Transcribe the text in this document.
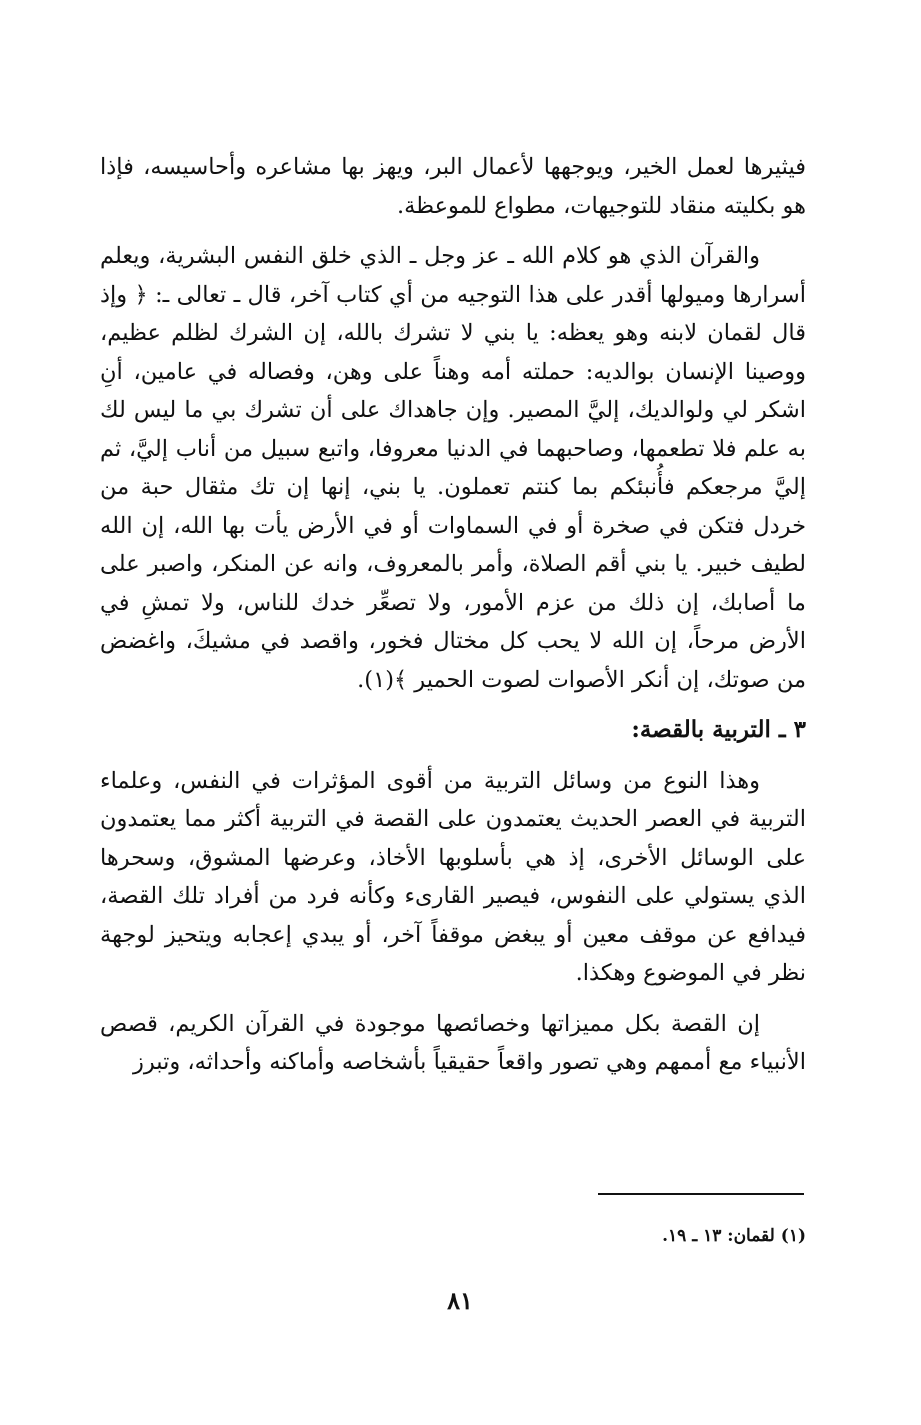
فيثيرها لعمل الخير، ويوجهها لأعمال البر، ويهز بها مشاعره وأحاسيسه، فإذا هو بكليته منقاد للتوجيهات، مطواع للموعظة.

والقرآن الذي هو كلام الله ـ عز وجل ـ الذي خلق النفس البشرية، ويعلم أسرارها وميولها أقدر على هذا التوجيه من أي كتاب آخر، قال ـ تعالى ـ: ﴿ وإذ قال لقمان لابنه وهو يعظه: يا بني لا تشرك بالله، إن الشرك لظلم عظيم، ووصينا الإنسان بوالديه: حملته أمه وهناً على وهن، وفصاله في عامين، أنِ اشكر لي ولوالديك، إليَّ المصير. وإن جاهداك على أن تشرك بي ما ليس لك به علم فلا تطعمها، وصاحبهما في الدنيا معروفا، واتبع سبيل من أناب إليَّ، ثم إليَّ مرجعكم فأُنبئكم بما كنتم تعملون. يا بني، إنها إن تك مثقال حبة من خردل فتكن في صخرة أو في السماوات أو في الأرض يأت بها الله، إن الله لطيف خبير. يا بني أقم الصلاة، وأمر بالمعروف، وانه عن المنكر، واصبر على ما أصابك، إن ذلك من عزم الأمور، ولا تصعِّر خدك للناس، ولا تمشِ في الأرض مرحاً، إن الله لا يحب كل مختال فخور، واقصد في مشيكَ، واغضض من صوتك، إن أنكر الأصوات لصوت الحمير ﴾(١).

٣ ـ التربية بالقصة:

وهذا النوع من وسائل التربية من أقوى المؤثرات في النفس، وعلماء التربية في العصر الحديث يعتمدون على القصة في التربية أكثر مما يعتمدون على الوسائل الأخرى، إذ هي بأسلوبها الأخاذ، وعرضها المشوق، وسحرها الذي يستولي على النفوس، فيصير القارىء وكأنه فرد من أفراد تلك القصة، فيدافع عن موقف معين أو يبغض موقفاً آخر، أو يبدي إعجابه ويتحيز لوجهة نظر في الموضوع وهكذا.

إن القصة بكل مميزاتها وخصائصها موجودة في القرآن الكريم، قصص الأنبياء مع أممهم وهي تصور واقعاً حقيقياً بأشخاصه وأماكنه وأحداثه، وتبرز

(١) لقمان: ١٣ ـ ١٩.
٨١
